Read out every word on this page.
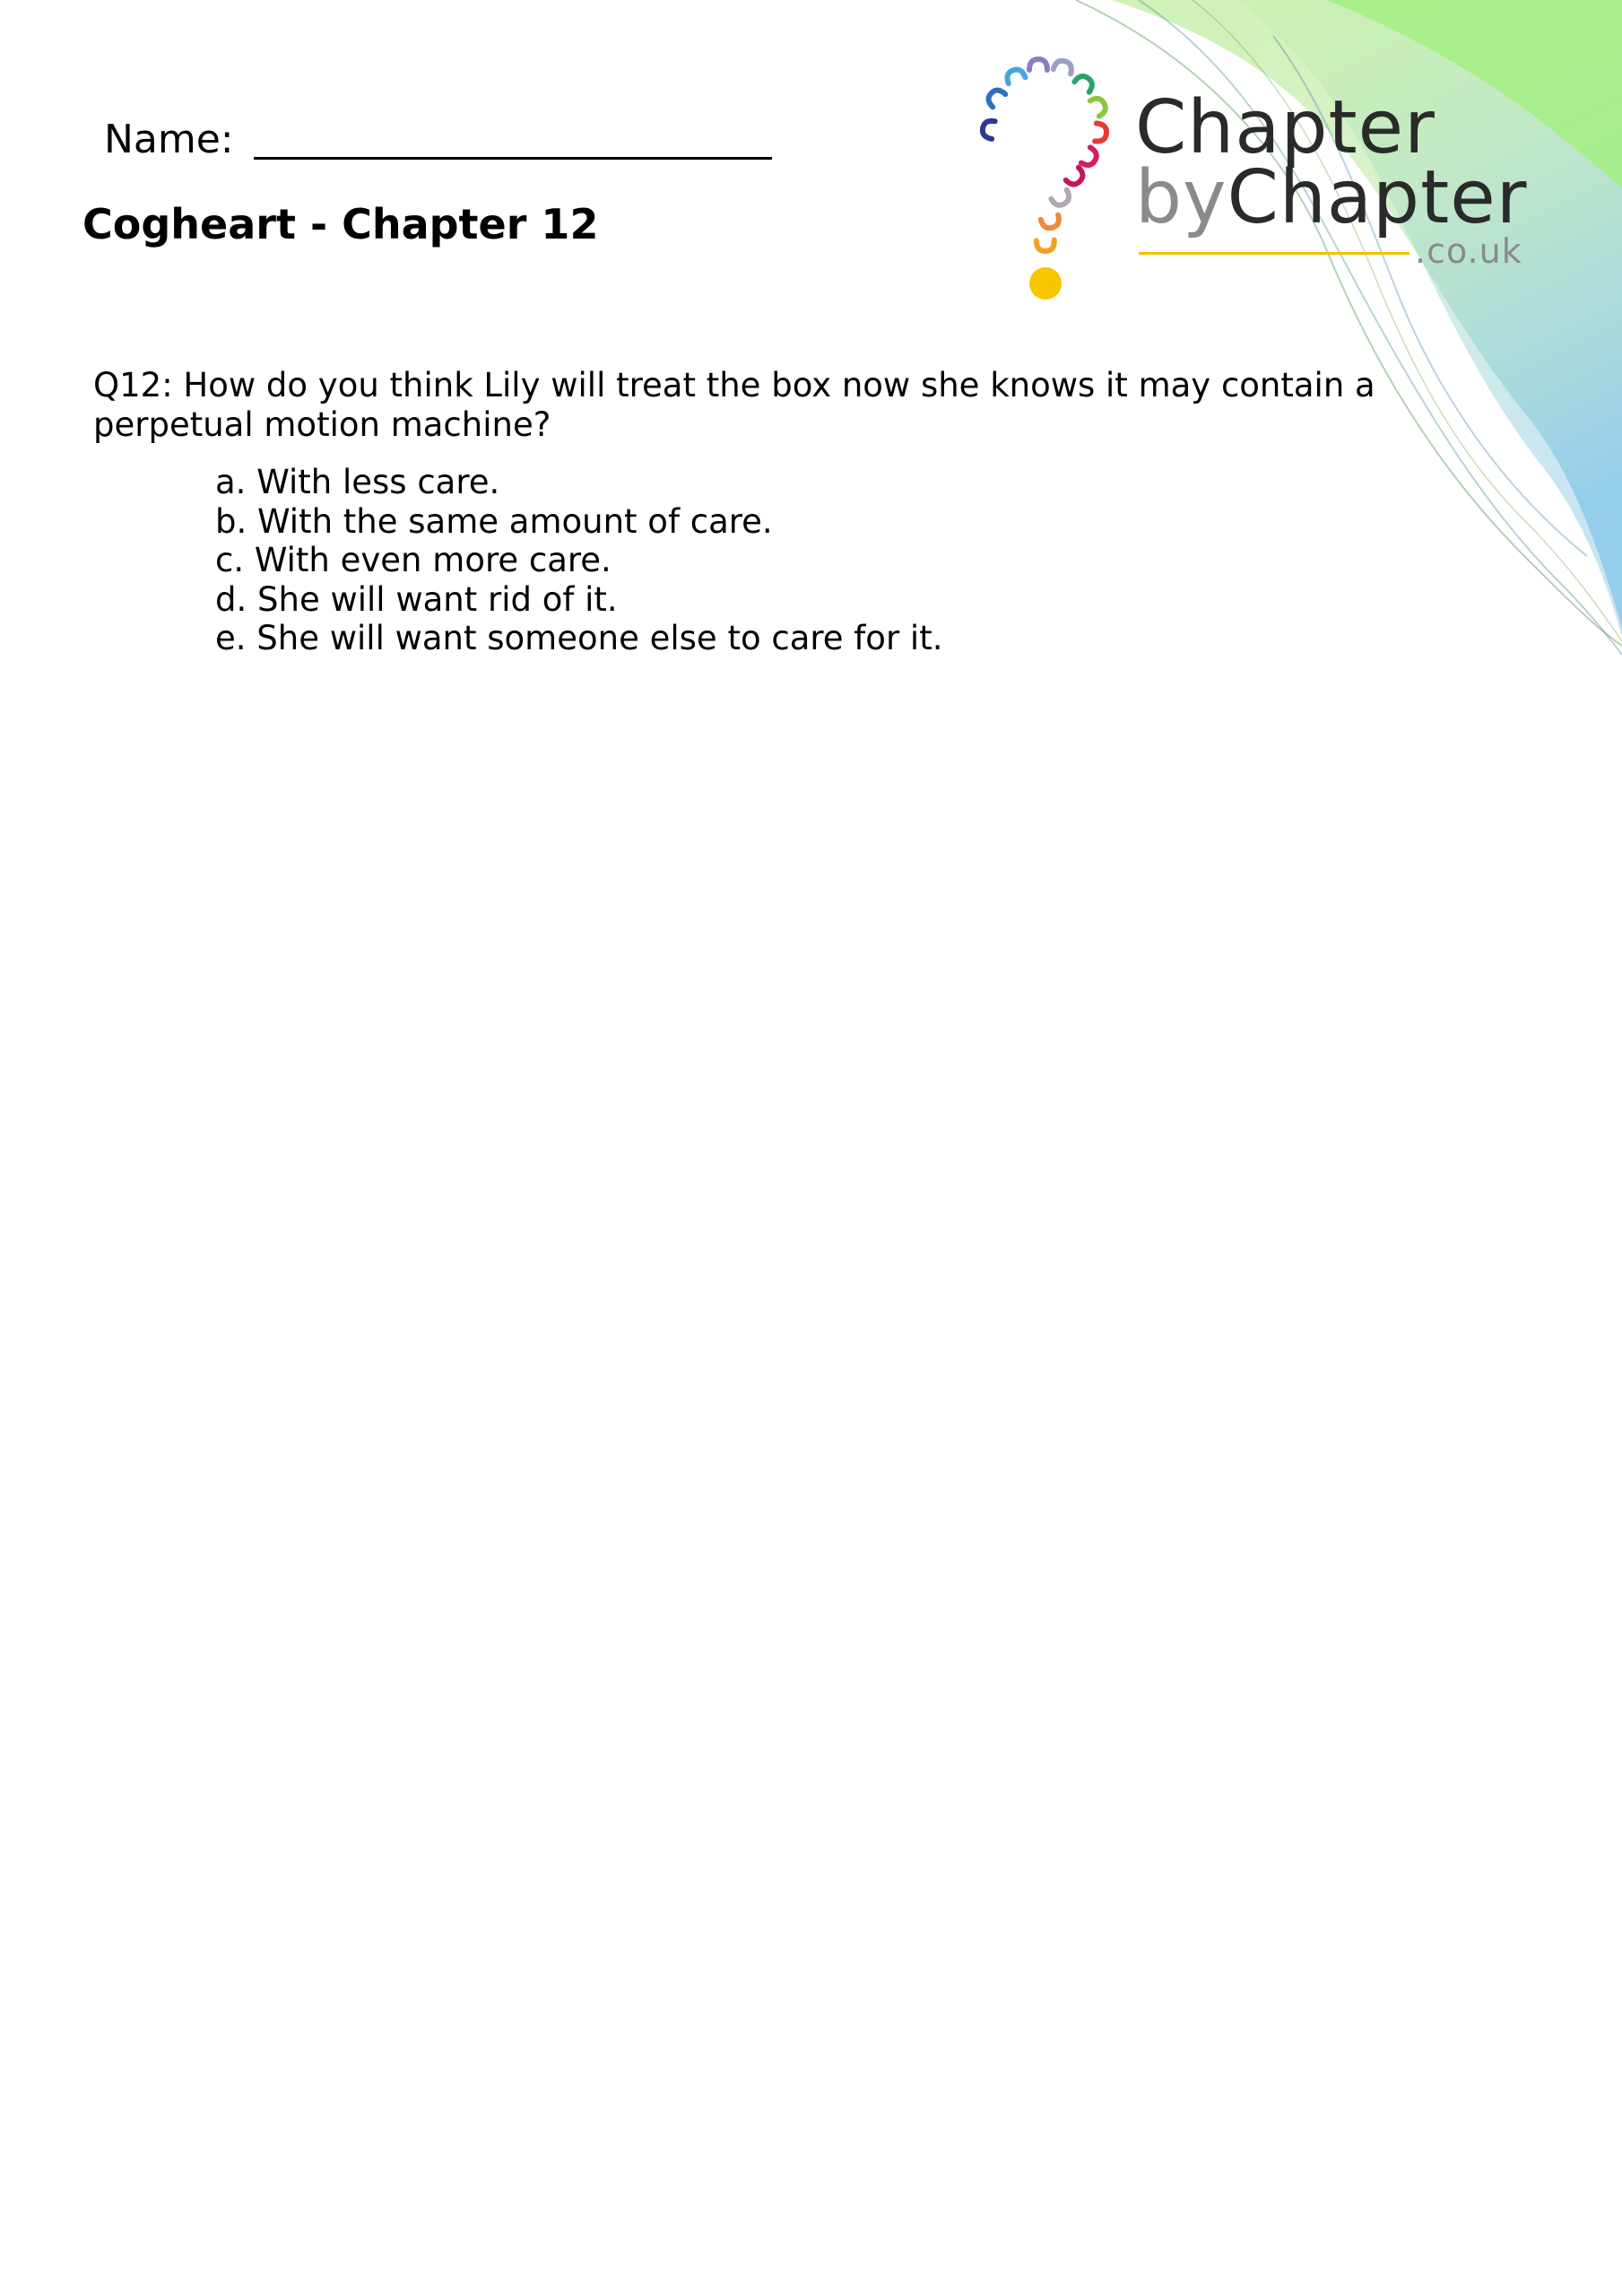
Name:
Cogheart - Chapter 12
Chapter
byChapter
.co.uk
Q12: How do you think Lily will treat the box now she knows it may contain a perpetual motion machine?
a. With less care.
b. With the same amount of care.
c. With even more care.
d. She will want rid of it.
e. She will want someone else to care for it.
